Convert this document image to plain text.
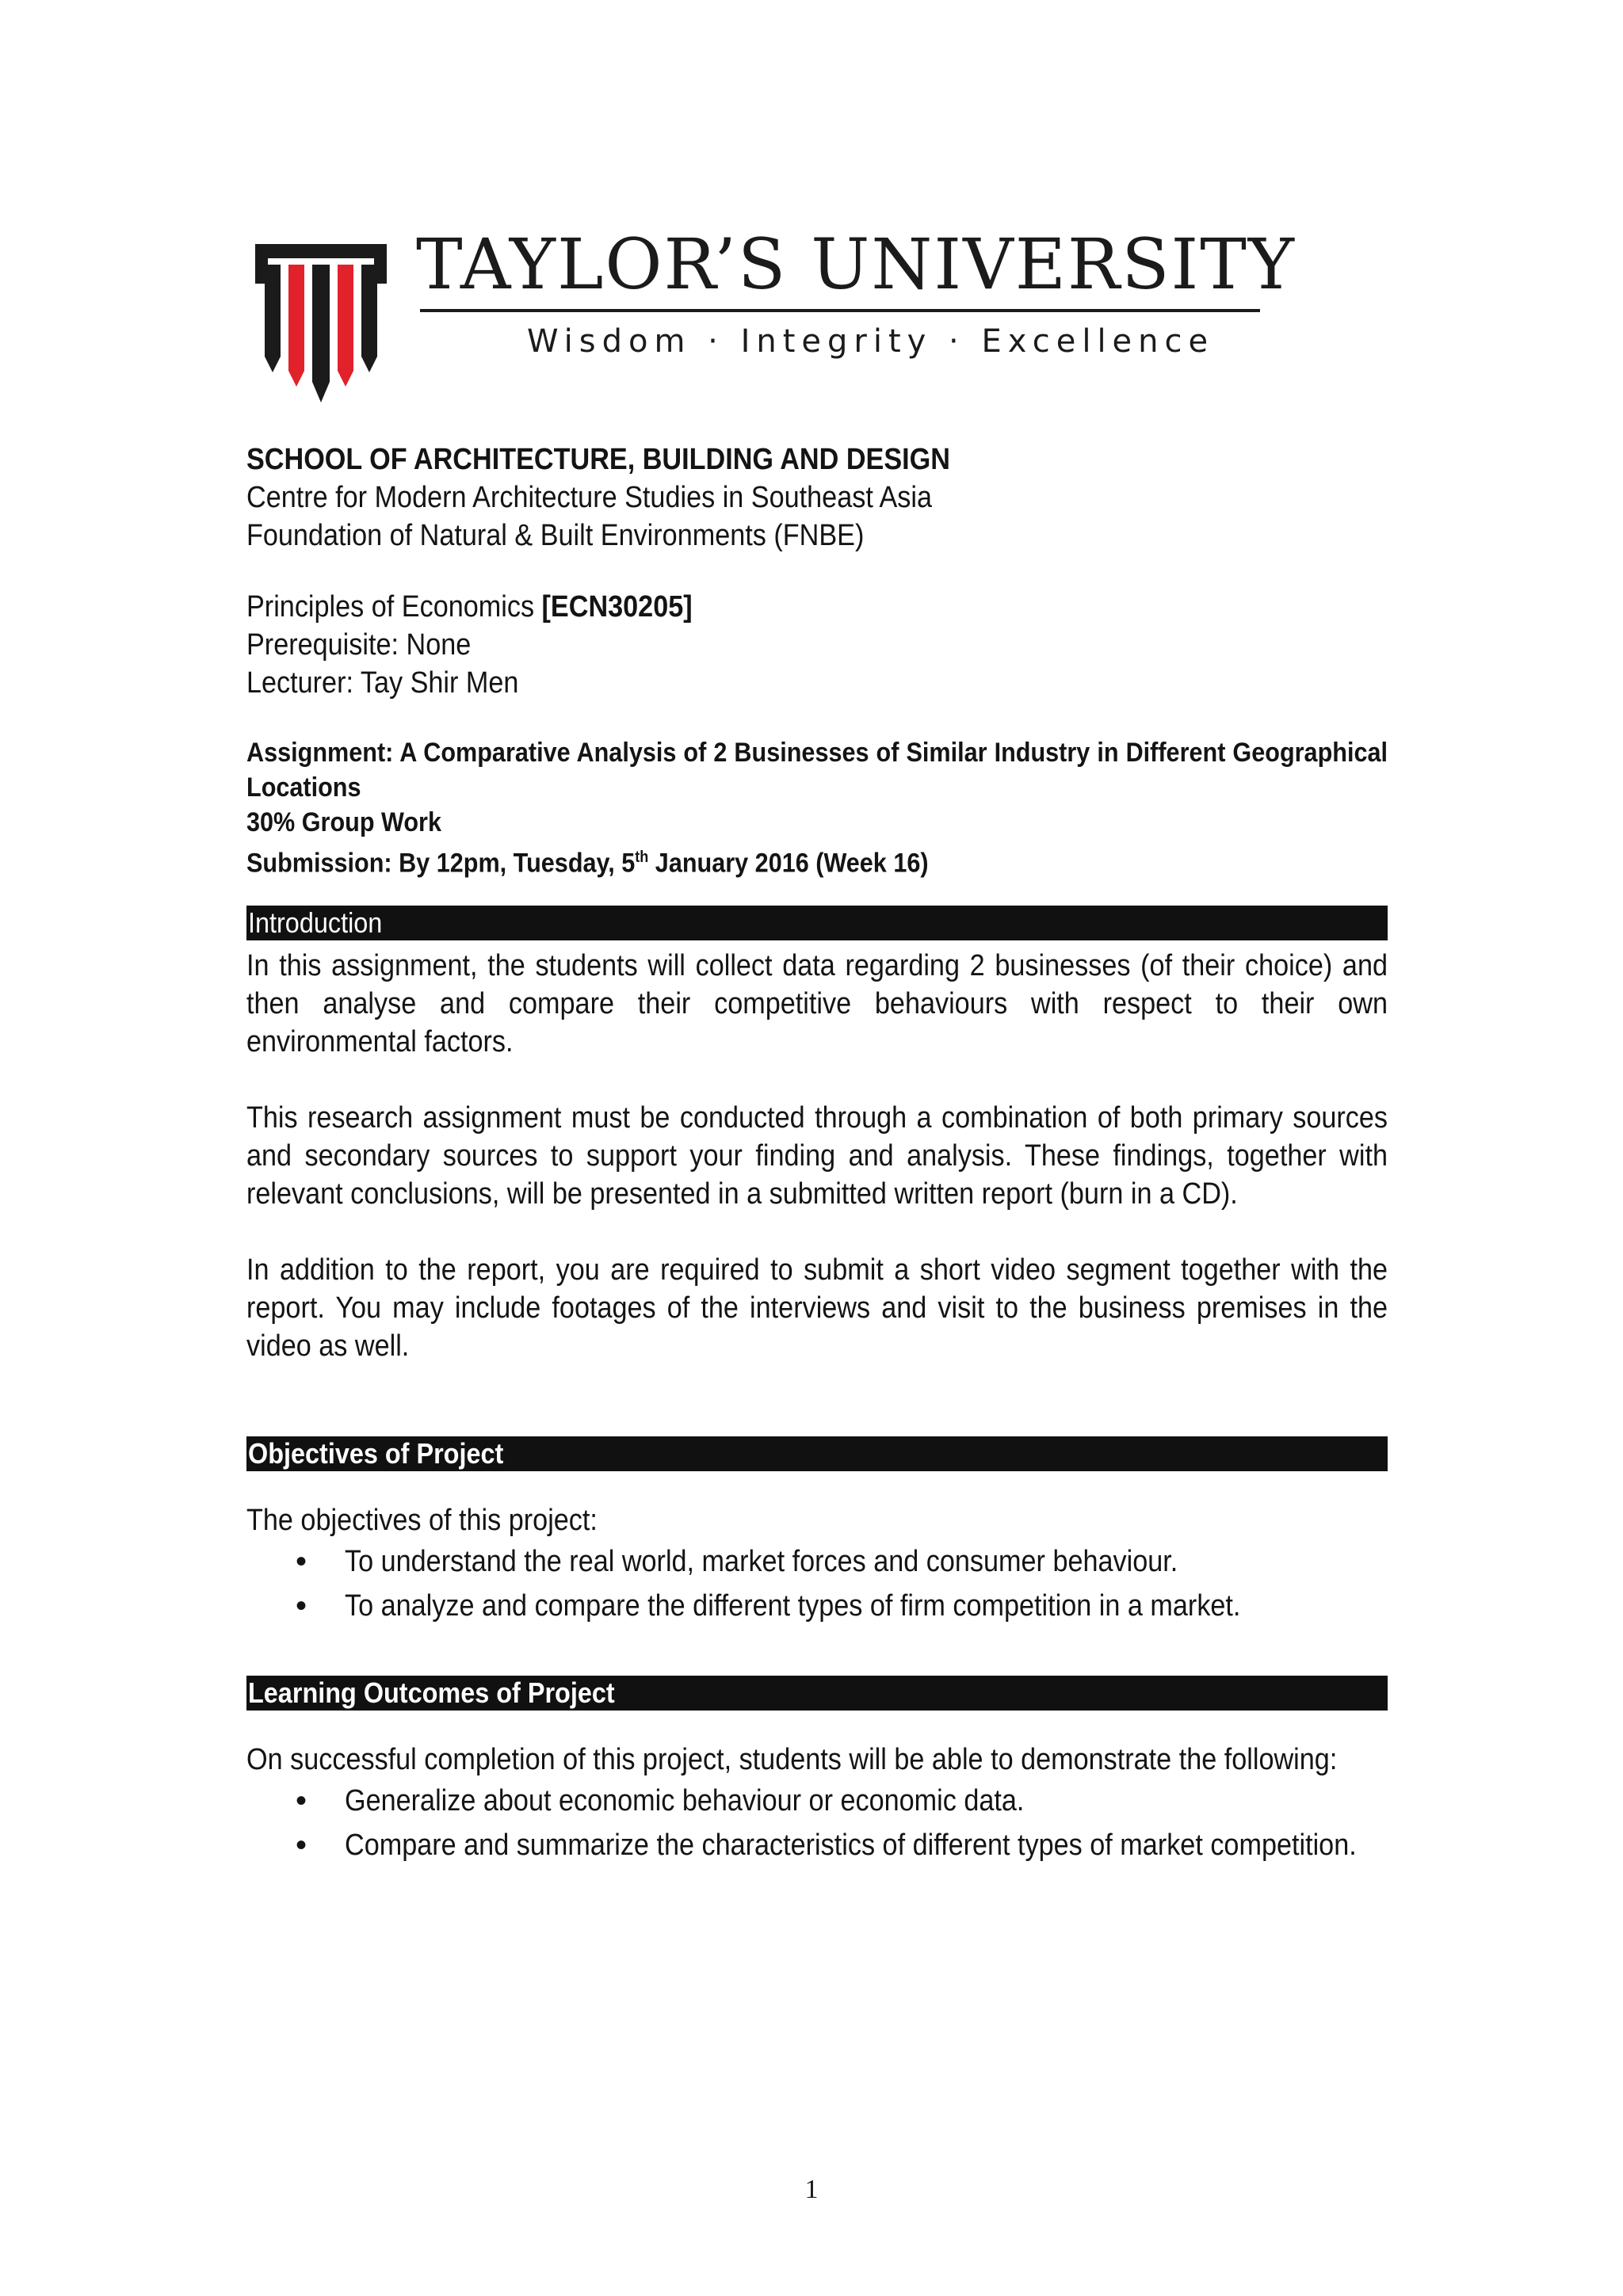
TAYLOR’S UNIVERSITY
Wisdom · Integrity · Excellence
SCHOOL OF ARCHITECTURE, BUILDING AND DESIGN
Centre for Modern Architecture Studies in Southeast Asia
Foundation of Natural & Built Environments (FNBE)
Principles of Economics [ECN30205]
Prerequisite: None
Lecturer: Tay Shir Men
Assignment: A Comparative Analysis of 2 Businesses of Similar Industry in Different Geographical Locations
30% Group Work
Submission: By 12pm, Tuesday, 5th January 2016 (Week 16)
Introduction
In this assignment, the students will collect data regarding 2 businesses (of their choice) and then analyse and compare their competitive behaviours with respect to their own environmental factors.
This research assignment must be conducted through a combination of both primary sources and secondary sources to support your finding and analysis. These findings, together with relevant conclusions, will be presented in a submitted written report (burn in a CD).
In addition to the report, you are required to submit a short video segment together with the report. You may include footages of the interviews and visit to the business premises in the video as well.
Objectives of Project
The objectives of this project:
• To understand the real world, market forces and consumer behaviour.
• To analyze and compare the different types of firm competition in a market.
Learning Outcomes of Project
On successful completion of this project, students will be able to demonstrate the following:
• Generalize about economic behaviour or economic data.
• Compare and summarize the characteristics of different types of market competition.
1
